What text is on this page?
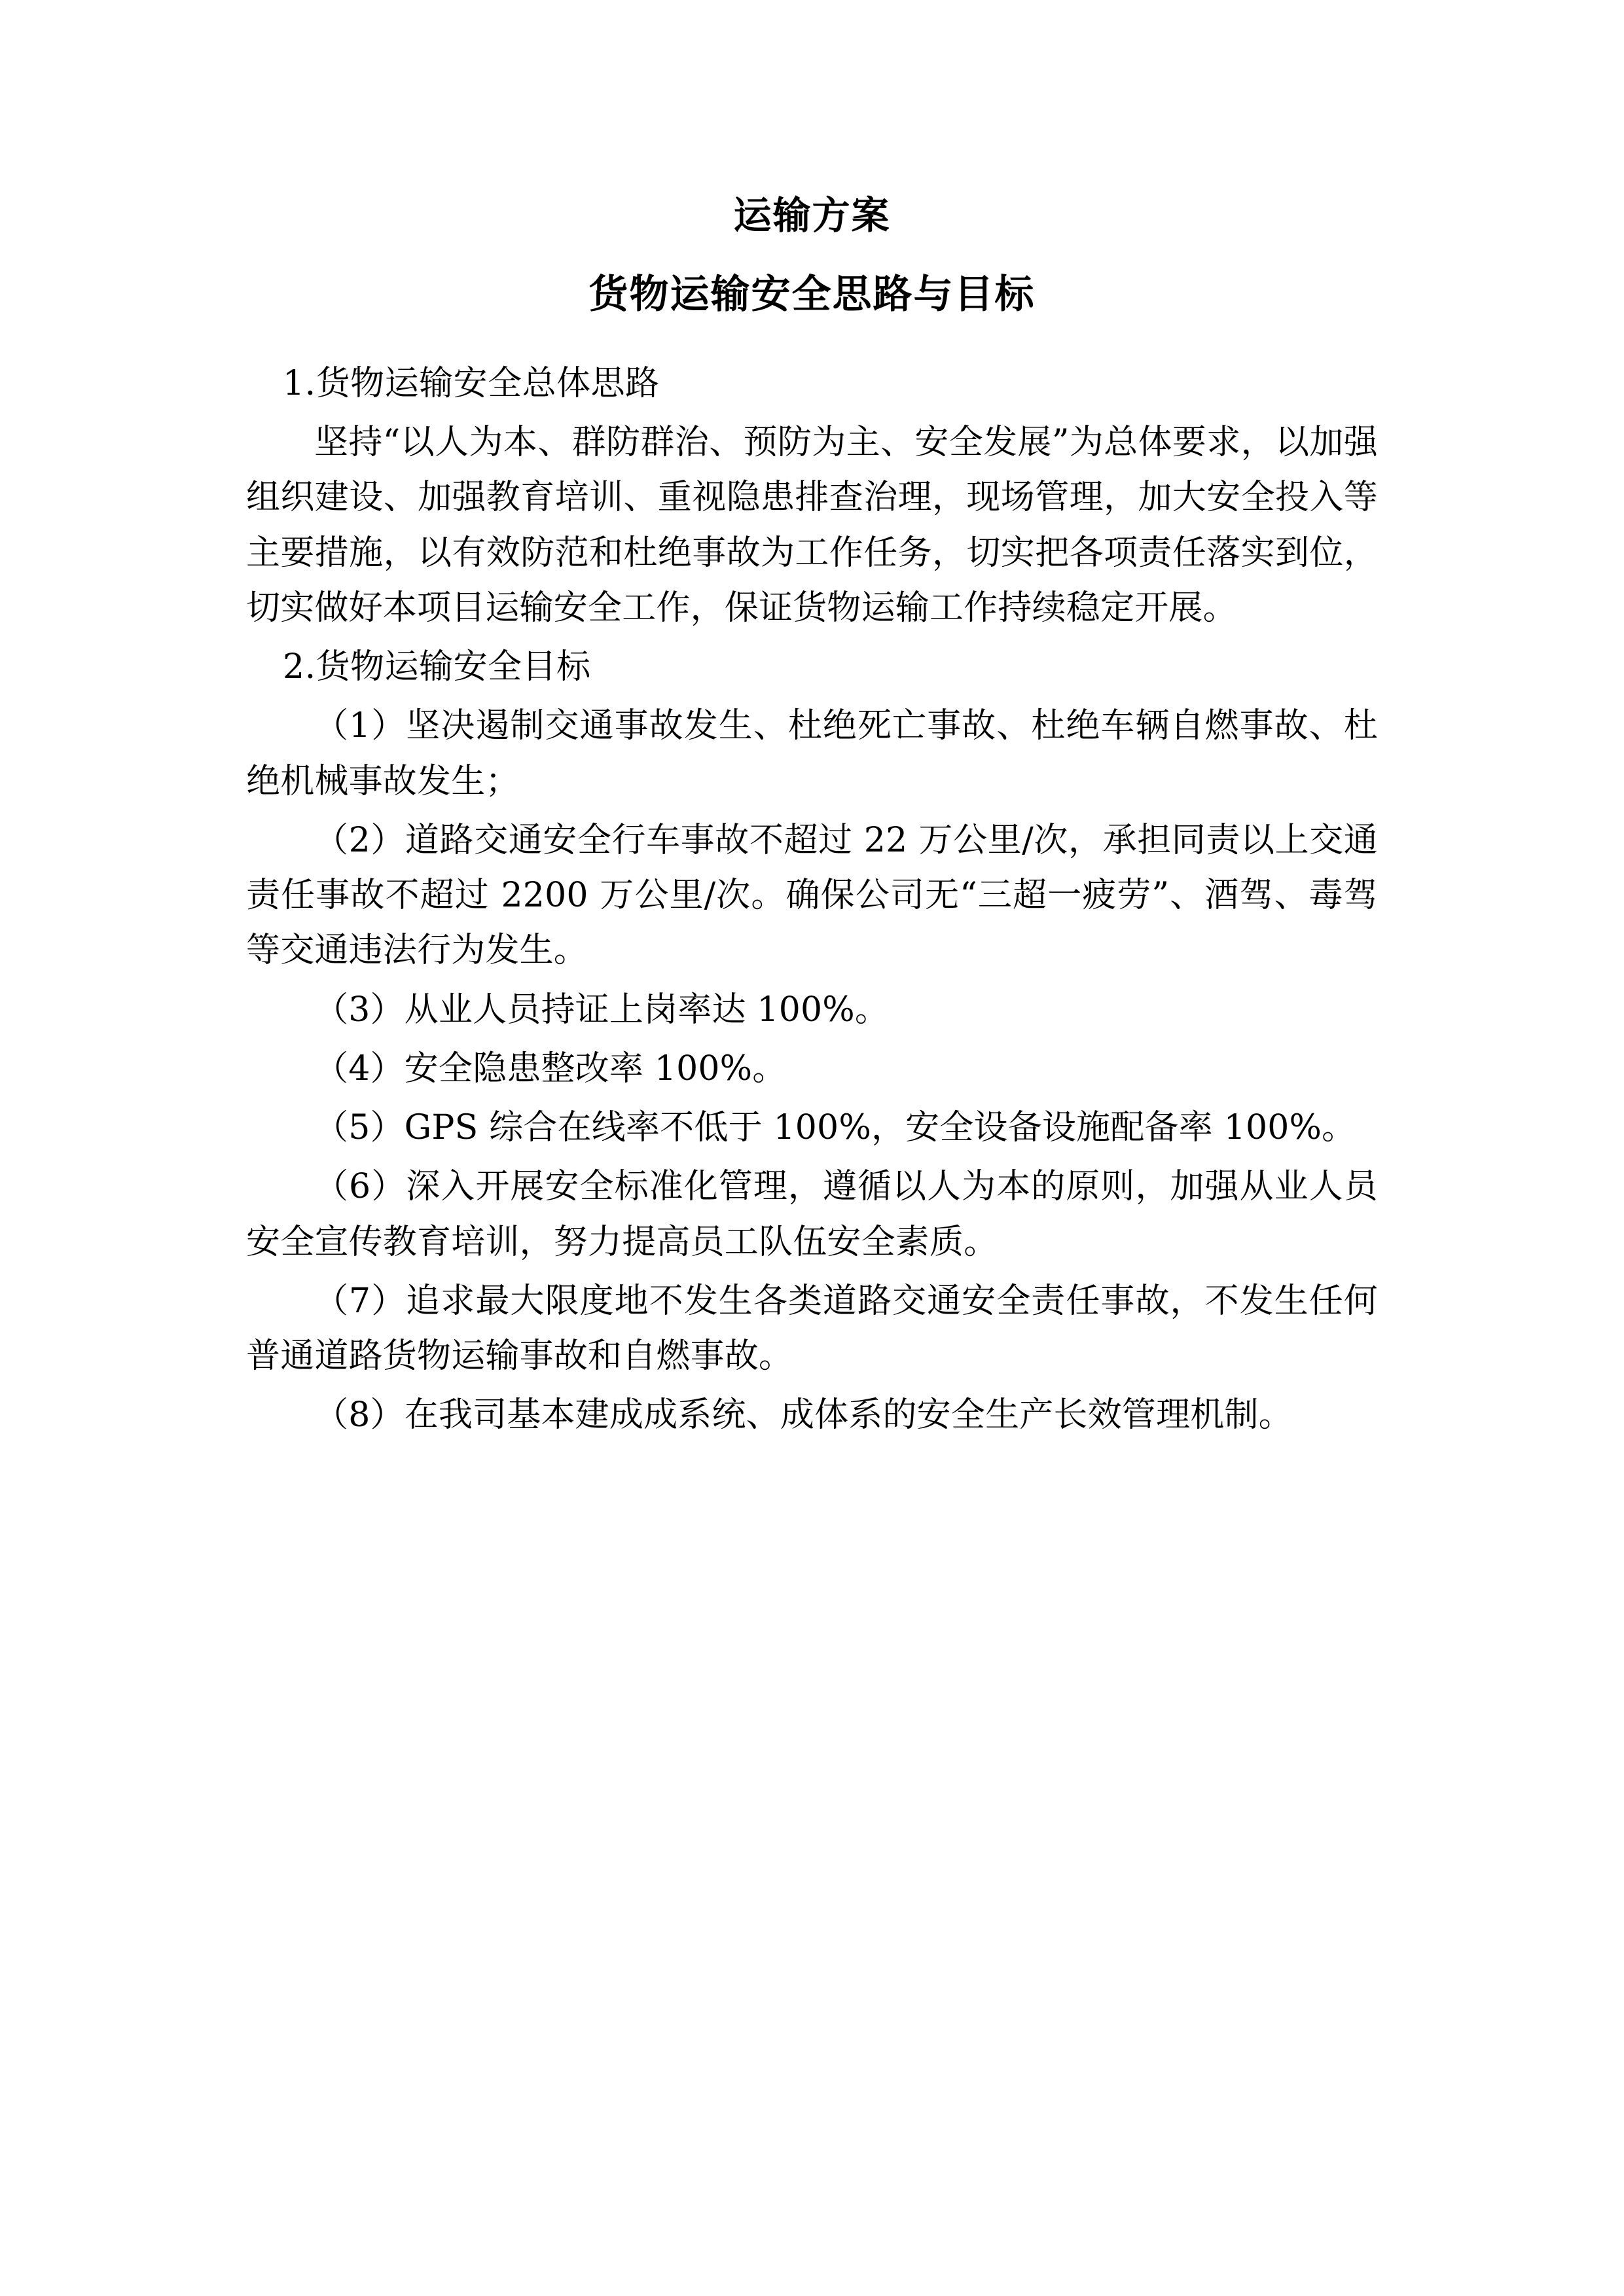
运输方案
货物运输安全思路与目标

1.货物运输安全总体思路

坚持“以人为本、群防群治、预防为主、安全发展”为总体要求，以加强组织建设、加强教育培训、重视隐患排查治理，现场管理，加大安全投入等主要措施，以有效防范和杜绝事故为工作任务，切实把各项责任落实到位，切实做好本项目运输安全工作，保证货物运输工作持续稳定开展。

2.货物运输安全目标

（1）坚决遏制交通事故发生、杜绝死亡事故、杜绝车辆自燃事故、杜绝机械事故发生；

（2）道路交通安全行车事故不超过 22 万公里/次，承担同责以上交通责任事故不超过 2200 万公里/次。确保公司无“三超一疲劳”、酒驾、毒驾等交通违法行为发生。

（3）从业人员持证上岗率达 100%。

（4）安全隐患整改率 100%。

（5）GPS 综合在线率不低于 100%，安全设备设施配备率 100%。

（6）深入开展安全标准化管理，遵循以人为本的原则，加强从业人员安全宣传教育培训，努力提高员工队伍安全素质。

（7）追求最大限度地不发生各类道路交通安全责任事故，不发生任何普通道路货物运输事故和自燃事故。

（8）在我司基本建成成系统、成体系的安全生产长效管理机制。
